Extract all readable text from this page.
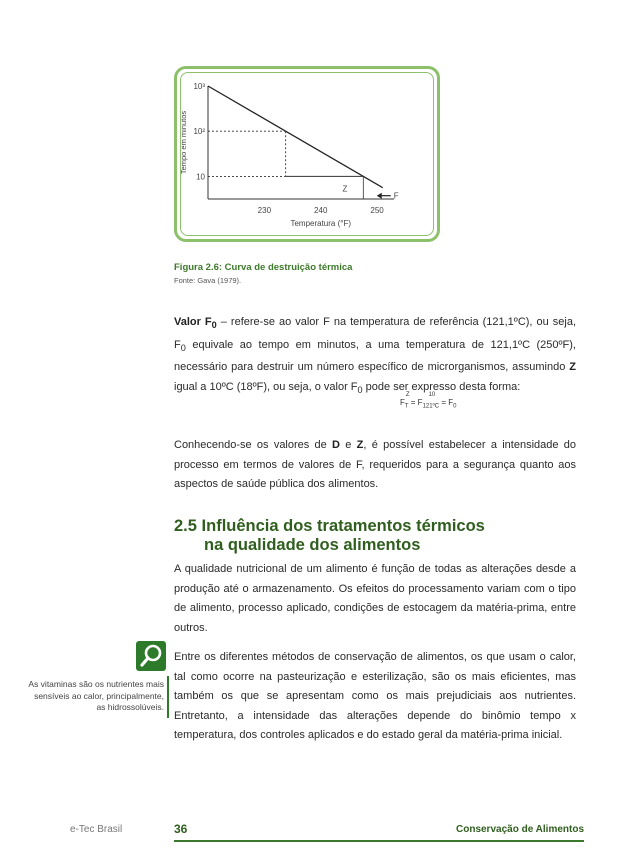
10
10²
10³
230	240	250
Temperatura (°F)
Tempo em minutos
Z
F
Figura 2.6: Curva de destruição térmica
Fonte: Gava (1979).
Valor $F_0$ – refere-se ao valor F na temperatura de referência (121,1ºC), ou seja, $F_0$ equivale ao tempo em minutos, a uma temperatura de 121,1ºC (250ºF), necessário para destruir um número específico de microrganismos, assumindo Z igual a 10ºC (18ºF), ou seja, o valor $F_0$ pode ser expresso desta forma:
F
Z
$_T$ = F
10
$_{121ºC} = F_0$
Conhecendo-se os valores de D e Z, é possível estabelecer a intensidade do processo em termos de valores de F, requeridos para a segurança quanto aos aspectos de saúde pública dos alimentos.
2.5 Influência dos tratamentos térmicos
na qualidade dos alimentos
A qualidade nutricional de um alimento é função de todas as alterações desde a produção até o armazenamento. Os efeitos do processamento variam com o tipo de alimento, processo aplicado, condições de estocagem da matéria-prima, entre outros.
Entre os diferentes métodos de conservação de alimentos, os que usam o calor, tal como ocorre na pasteurização e esterilização, são os mais eficientes, mas também os que se apresentam como os mais prejudiciais aos nutrientes. Entretanto, a intensidade das alterações depende do binômio tempo x temperatura, dos controles aplicados e do estado geral da matéria-prima inicial.
As vitaminas são os nutrientes mais sensíveis ao calor, principalmente, as hidrossolúveis.
e-Tec Brasil	36	Conservação de Alimentos
